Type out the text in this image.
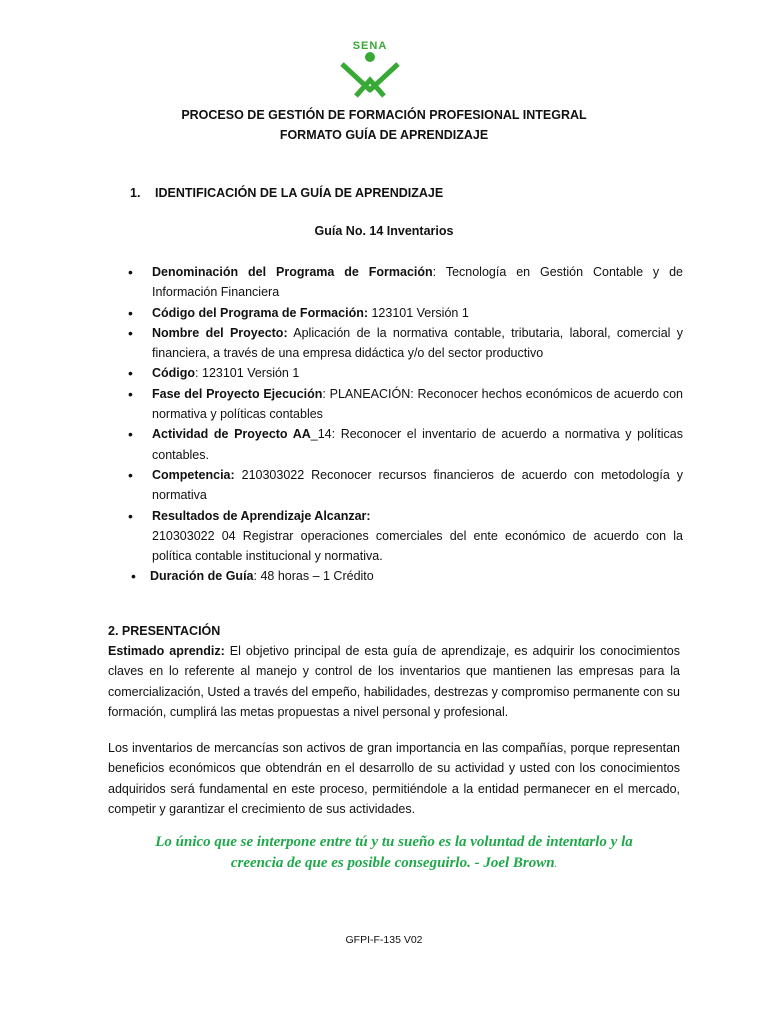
SENA
PROCESO DE GESTIÓN DE FORMACIÓN PROFESIONAL INTEGRAL
FORMATO GUÍA DE APRENDIZAJE
1. IDENTIFICACIÓN DE LA GUÍA DE APRENDIZAJE
Guía No. 14 Inventarios
• Denominación del Programa de Formación: Tecnología en Gestión Contable y de Información Financiera
• Código del Programa de Formación: 123101 Versión 1
• Nombre del Proyecto: Aplicación de la normativa contable, tributaria, laboral, comercial y financiera, a través de una empresa didáctica y/o del sector productivo
• Código: 123101 Versión 1
• Fase del Proyecto Ejecución: PLANEACIÓN: Reconocer hechos económicos de acuerdo con normativa y políticas contables
• Actividad de Proyecto AA_14: Reconocer el inventario de acuerdo a normativa y políticas contables.
• Competencia: 210303022 Reconocer recursos financieros de acuerdo con metodología y normativa
• Resultados de Aprendizaje Alcanzar:
210303022 04 Registrar operaciones comerciales del ente económico de acuerdo con la política contable institucional y normativa.
• Duración de Guía: 48 horas – 1 Crédito
2. PRESENTACIÓN
Estimado aprendiz: El objetivo principal de esta guía de aprendizaje, es adquirir los conocimientos claves en lo referente al manejo y control de los inventarios que mantienen las empresas para la comercialización, Usted a través del empeño, habilidades, destrezas y compromiso permanente con su formación, cumplirá las metas propuestas a nivel personal y profesional.
Los inventarios de mercancías son activos de gran importancia en las compañías, porque representan beneficios económicos que obtendrán en el desarrollo de su actividad y usted con los conocimientos adquiridos será fundamental en este proceso, permitiéndole a la entidad permanecer en el mercado, competir y garantizar el crecimiento de sus actividades.
Lo único que se interpone entre tú y tu sueño es la voluntad de intentarlo y la
creencia de que es posible conseguirlo. - Joel Brown.
GFPI-F-135 V02
